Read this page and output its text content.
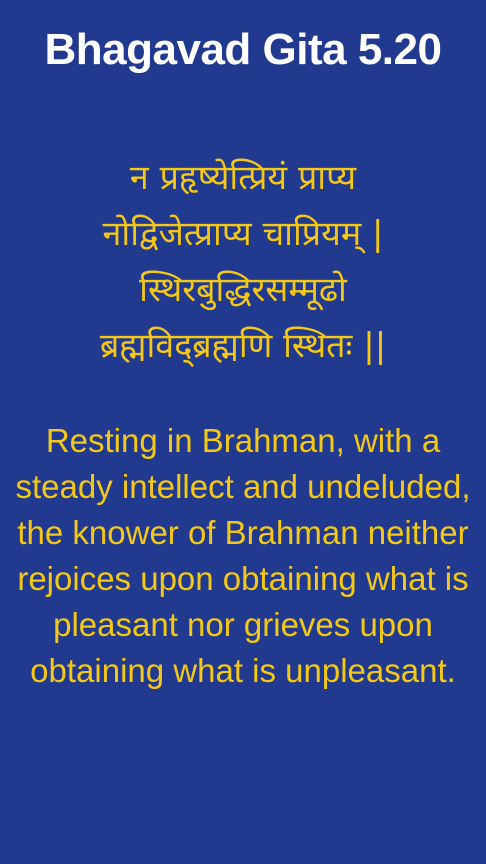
Bhagavad Gita 5.20
न प्रहृष्येत्प्रियं प्राप्य
नोद्विजेत्प्राप्य चाप्रियम् |
स्थिरबुद्धिरसम्मूढो
ब्रह्मविद्ब्रह्मणि स्थितः ||
Resting in Brahman, with a steady intellect and undeluded, the knower of Brahman neither rejoices upon obtaining what is pleasant nor grieves upon obtaining what is unpleasant.
